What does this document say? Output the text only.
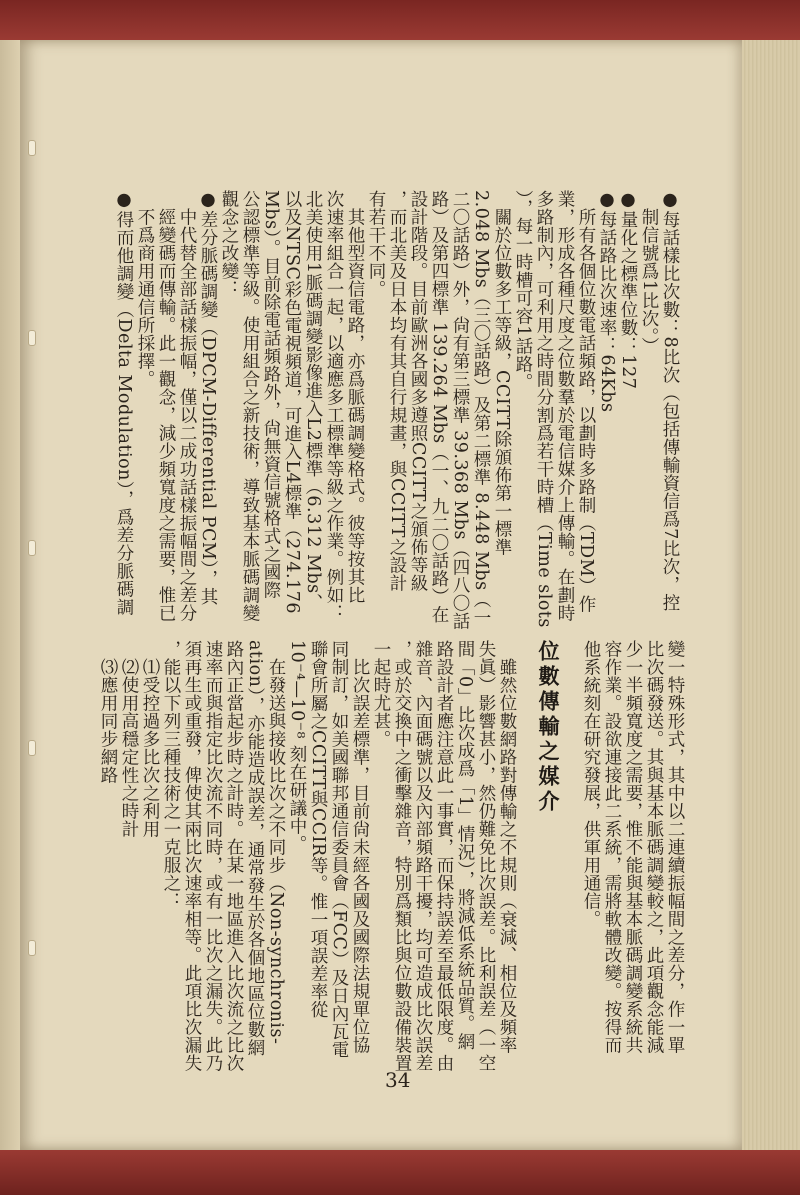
●每話樣比次數：8比次（包括傳輸資信爲7比次，控
　制信號爲1比次。）
●量化之標準位數：127
●每話路比次速率：64Kbs
　所有各個位數電話頻路，以劃時多路制（TDM）作
業，形成各種尺度之位數羣於電信媒介上傳輸。在劃時
多路制內，可利用之時間分割爲若干時槽（Time slots
），每一時槽可容1話路。
　關於位數多工等級，CCITT除頒佈第一標準
2.048 Mbs（三〇話路）及第二標準 8.448 Mbs（一
二〇話路）外，尙有第三標準 39.368 Mbs（四八〇話
路）及第四標準 139.264 Mbs（一、九二〇話路）在
設計階段。目前歐洲各國多遵照CCITT之頒佈等級
，而北美及日本均有其自行規畫，與CCITT之設計
有若干不同。
　其他型資信電路，亦爲脈碼調變格式。彼等按其比
次速率組合一起，以適應多工標準等級之作業。例如：
北美使用1脈碼調變影像進入L2標準（6.312 Mbs、
以及NTSC彩色電視頻道，可進入L4標準（274.176
Mbs）。目前除電話頻路外，尙無資信號格式之國際
公認標準等級。使用組合之新技術，導致基本脈碼調變
觀念之改變：
●差分脈碼調變（DPCM-Differential PCM），其
　中代替全部話樣振幅，僅以二成功話樣振幅間之差分
　經變碼而傳輸。此一觀念，減少頻寬度之需要，惟已
　不爲商用通信所採擇。
●得而他調變（Delta Modulation），爲差分脈碼調
變一特殊形式，其中以二連續振幅間之差分，作一單
比次碼發送。其與基本脈碼調變較之，此項觀念能減
少一半頻寬度之需要，惟不能與基本脈碼調變系統共
容作業。設欲連接此二系統，需將軟體改變。按得而
他系統刻在研究發展，供軍用通信。

位數傳輸之媒介

　雖然位數網路對傳輸之不規則（衰減、相位及頻率
失眞）影響甚小，然仍難免比次誤差。比利誤差（一空
間「0」比次成爲「1」情況），將減低系統品質。網
路設計者應注意此一事實，而保持誤差至最低限度。由
雜音、內面碼號以及內部頻路干擾，均可造成比次誤差
，或於交換中之衝擊雜音，特別爲類比與位數設備裝置
一起時尤甚。
　比次誤差標準，目前尙未經各國及國際法規單位協
同制訂，如美國聯邦通信委員會（FCC）及日內瓦電
聯會所屬之CCITT與CCIR等。惟一項誤差率從
10⁻⁴—10⁻⁸ 刻在研議中。
　在發送與接收比次之不同步（Non-synchronis-
ation），亦能造成誤差，通常發生於各個地區位數網
路內正當起步時之計時。在某一地區進入比次流之比次
速率而與指定比次流不同時，或有一比次之漏失。此乃
須再生或重發，俾使其兩比次速率相等。此項比次漏失
，能以下列三種技術之一克服之：
　⑴受控過多比次之利用
　⑵使用高穩定性之時計
　⑶應用同步網路
34
